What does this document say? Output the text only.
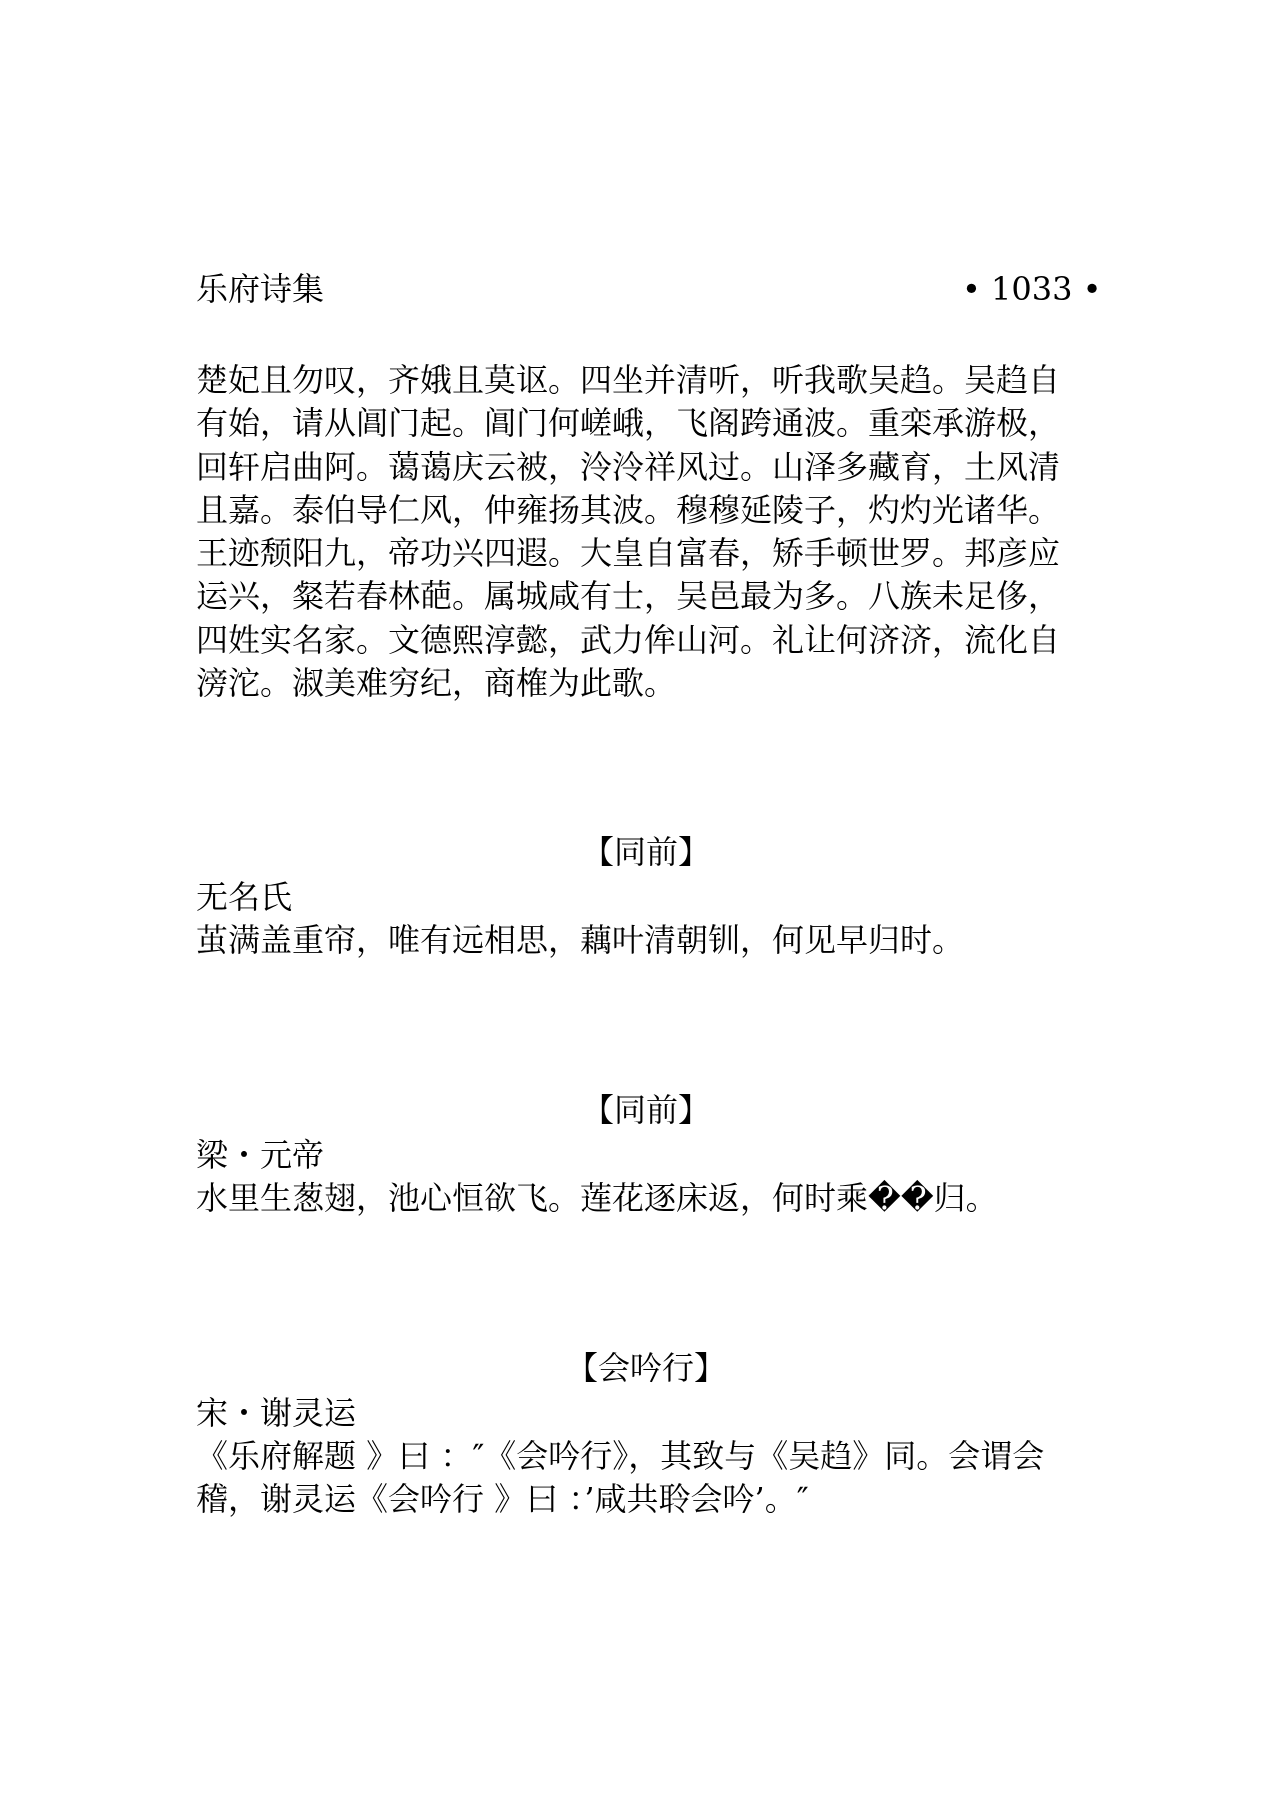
乐府诗集	• 1033 •
楚妃且勿叹，齐娥且莫讴。四坐并清听，听我歌吴趋。吴趋自
有始，请从阊门起。阊门何嵯峨，飞阁跨通波。重栾承游极，
回轩启曲阿。蔼蔼庆云被，泠泠祥风过。山泽多藏育，土风清
且嘉。泰伯导仁风，仲雍扬其波。穆穆延陵子，灼灼光诸华。
王迹颓阳九，帝功兴四遐。大皇自富春，矫手顿世罗。邦彦应
运兴，粲若春林葩。属城咸有士，吴邑最为多。八族未足侈，
四姓实名家。文德熙淳懿，武力侔山河。礼让何济济，流化自
滂沱。淑美难穷纪，商榷为此歌。
【同前】
无名氏
茧满盖重帘，唯有远相思，藕叶清朝钏，何见早归时。
【同前】
梁・元帝
水里生葱翅，池心恒欲飞。莲花逐床返，何时乘��归。
【会吟行】
宋・谢灵运
《乐府解题 》曰 ：″《会吟行》，其致与《吴趋》同。会谓会
稽，谢灵运《会吟行 》曰 ：’咸共聆会吟’。″
